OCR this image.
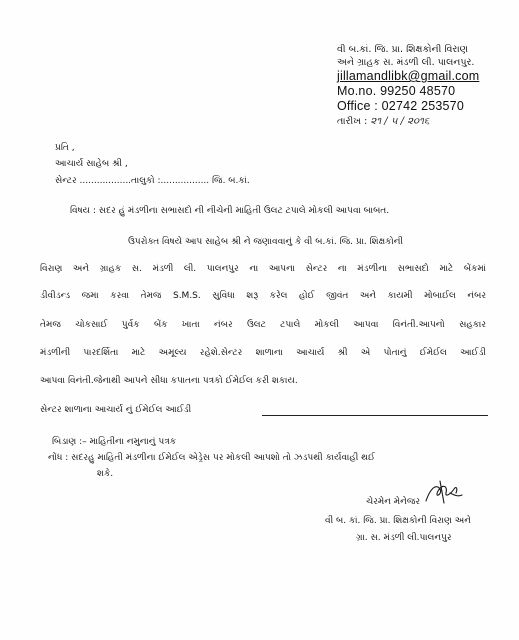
વી બ.કાં. જિ. પ્રા. શિક્ષકોની વિરાણ
અને ગ્રાહક સ. મંડળી લી. પાલનપુર.
jillamandlibk@gmail.com
Mo.no. 99250 48570
Office : 02742 253570
તારીખ : ૨૧ / ૫ / ૨૦૧૬
પ્રતિ ,
આચાર્ય સાહેબ શ્રી ,
સેન્ટર ..................તાલુકો :................. જિ. બ.કાં.
વિષય : સદર હું મંડળીના સભાસદો ની નીચેની માહિતી ઉલટ ટપાલે મોકલી આપવા બાબત.
ઉપરોક્ત વિષયે આપ સાહેબ શ્રી ને જણાવવાનું કે વી બ.કાં. જિ. પ્રા. શિક્ષકોની
વિરાણ અને ગ્રાહક સ. મંડળી લી. પાલનપુર ના આપના સેન્ટર ના મંડળીના સભાસદો માટે બેંકમાં
ડીવીડન્ડ જમા કરવા તેમજ S.M.S. સુવિધા શરૂ કરેલ હોઈ જીવંત અને કાયમી મોબાઈલ નંબર
તેમજ ચોકસાઈ પુર્વક બેંક ખાતા નંબર ઉલટ ટપાલે મોકલી આપવા વિનંતી.આપનો સહકાર
મંડળીની પારદર્શિતા માટે અમૂલ્ય રહેશે.સેન્ટર શાળાના આચાર્ય શ્રી એ પોતાનું ઈમેઈલ આઈડી
આપવા વિનંતી.જેનાથી આપને સીધા કપાતના પત્રકો ઈમેઈલ કરી શકાય.
સેન્ટર શાળાના આચાર્ય નું ઈમેઈલ આઈડી
બિડાણ :– માહિતીના નમુનાનું પત્રક
નોંધ : સદરહુ માહિતી મંડળીના ઈમેઈલ એડ્રેસ પર મોકલી આપશો તો ઝડપથી કાર્યવાહી થઈ
શકે.
ચેરમેન મેનેજર
વી બ. કાં. જિ. પ્રા. શિક્ષકોની વિરાણ અને
ગ્રા. સ. મંડળી લી.પાલનપુર
